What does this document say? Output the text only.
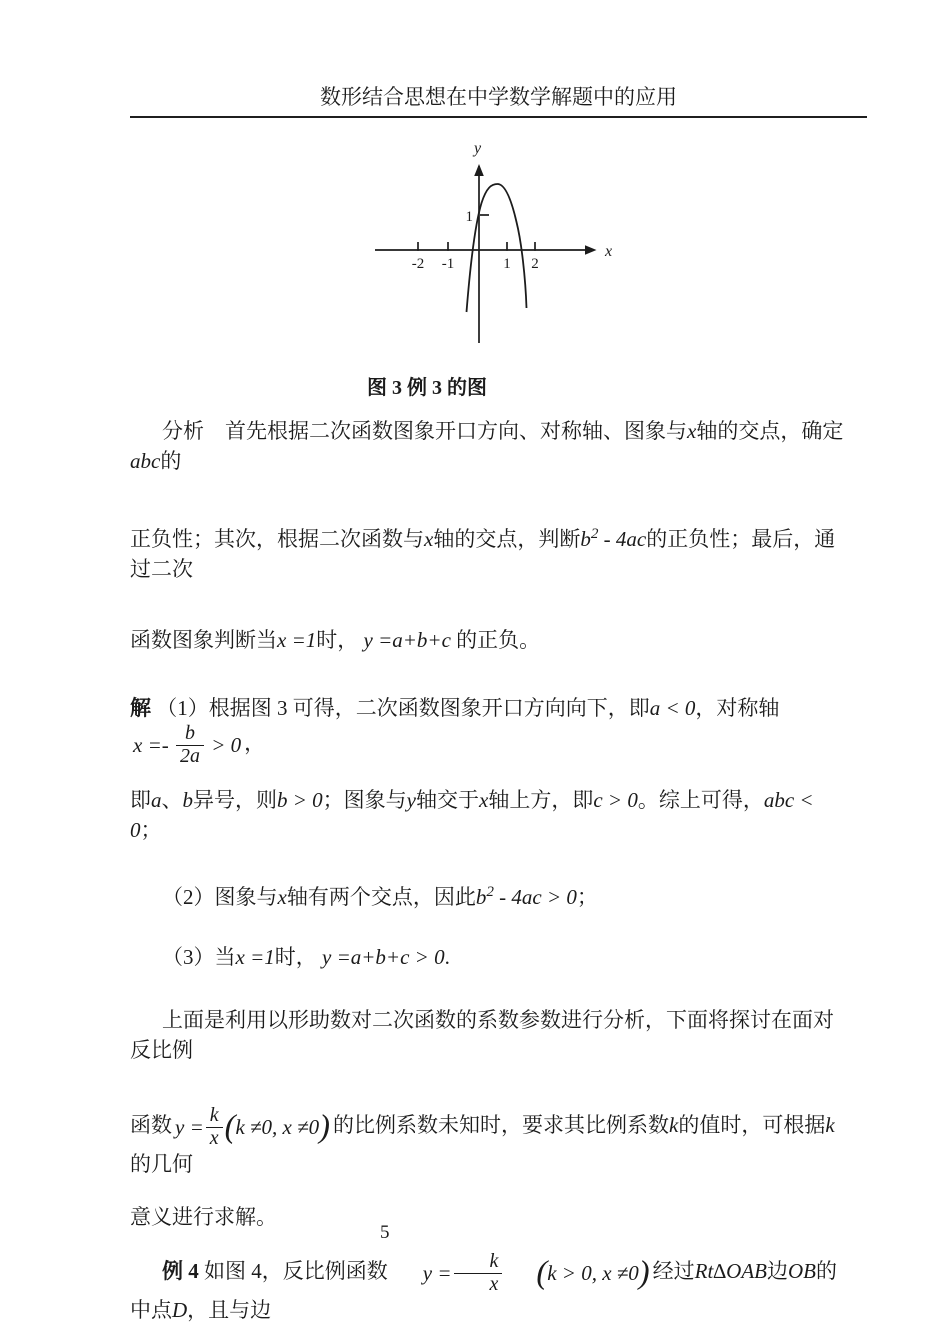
数形结合思想在中学数学解题中的应用
-2 -1	1 2
1
x
y
图 3 例 3 的图
分析　首先根据二次函数图象开口方向、对称轴、图象与x轴的交点，确定abc的
正负性；其次，根据二次函数与x轴的交点，判断$b^2 - 4ac$的正负性；最后，通过二次
函数图象判断当x =1时， y =a+b+c 的正负。
解 （1）根据图 3 可得，二次函数图象开口方向向下，即a < 0，对称轴
$x =- \frac{b}{2a} > 0$ ，
即a、b异号，则b > 0；图象与y轴交于x轴上方，即c > 0。综上可得，abc < 0；
（2）图象与x轴有两个交点，因此$b^2 - 4ac > 0$；
（3）当x =1时， y =a+b+c > 0.
上面是利用以形助数对二次函数的系数参数进行分析，下面将探讨在面对反比例
函数 $y = \frac{k}{x} (k \ne 0$, x ≠0) 的比例系数未知时，要求其比例系数k的值时，可根据k的几何
意义进行求解。
例 4 如图 4，反比例函数	$y = \frac{k}{x}$	(k > 0, x ≠0) 经过Rt∆OAB边OB的中点D，且与边
5
